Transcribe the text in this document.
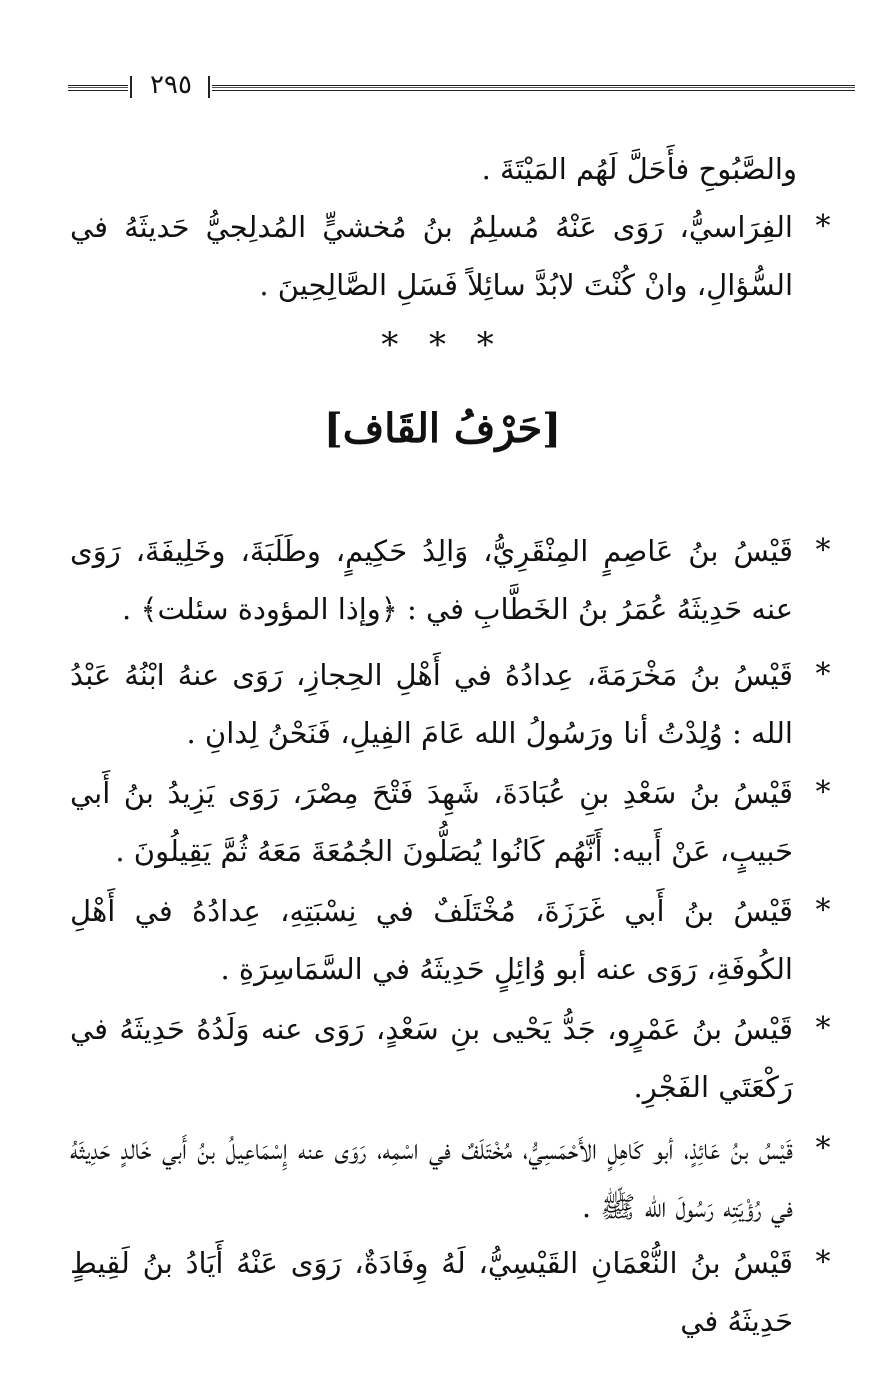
٢٩٥
والصَّبُوحِ فأَحَلَّ لَهُم المَيْتَةَ .
*
الفِرَاسيُّ، رَوَى عَنْهُ مُسلِمُ بنُ مُخشيٍّ المُدلِجيُّ حَديثَهُ في السُّؤالِ، وانْ كُنْتَ لابُدَّ سائِلاً فَسَلِ الصَّالِحِينَ .
* * *
[حَرْفُ القَاف]
*
قَيْسُ بنُ عَاصِمٍ المِنْقَرِيُّ، وَالِدُ حَكِيمٍ، وطَلَبَةَ، وخَلِيفَةَ، رَوَى عنه حَدِيثَهُ عُمَرُ بنُ الخَطَّابِ في : ﴿وإذا المؤودة سئلت﴾ .
*
قَيْسُ بنُ مَخْرَمَةَ، عِدادُهُ في أَهْلِ الحِجازِ، رَوَى عنهُ ابْنُهُ عَبْدُ الله : وُلِدْتُ أنا ورَسُولُ الله عَامَ الفِيلِ، فَنَحْنُ لِدانِ .
*
قَيْسُ بنُ سَعْدِ بنِ عُبَادَةَ، شَهِدَ فَتْحَ مِصْرَ، رَوَى يَزِيدُ بنُ أَبي حَبيبٍ، عَنْ أَبيه: أَنَّهُم كَانُوا يُصَلُّونَ الجُمُعَةَ مَعَهُ ثُمَّ يَقِيلُونَ .
*
قَيْسُ بنُ أَبي غَرَزَةَ، مُخْتَلَفٌ في نِسْبَتِهِ، عِدادُهُ في أَهْلِ الكُوفَةِ، رَوَى عنه أبو وُائِلٍ حَدِيثَهُ في السَّمَاسِرَةِ .
*
قَيْسُ بنُ عَمْرٍو، جَدُّ يَحْيى بنِ سَعْدٍ، رَوَى عنه وَلَدُهُ حَدِيثَهُ في رَكْعَتَي الفَجْرِ.
*
قَيْسُ بنُ عَائِذٍ، أبو كَاهِلٍ الأَحْمَسِيُّ، مُخْتَلَفٌ في اسْمِه، رَوَى عنه إِسْمَاعِيلُ بنُ أَبي خَالدٍ حَدِيثَهُ في رُؤْيَتِه رَسُولَ الله ﷺ .
*
قَيْسُ بنُ النُّعْمَانِ القَيْسِيُّ، لَهُ وِفَادَةٌ، رَوَى عَنْهُ أَيَادُ بنُ لَقِيطٍ حَدِيثَهُ في
